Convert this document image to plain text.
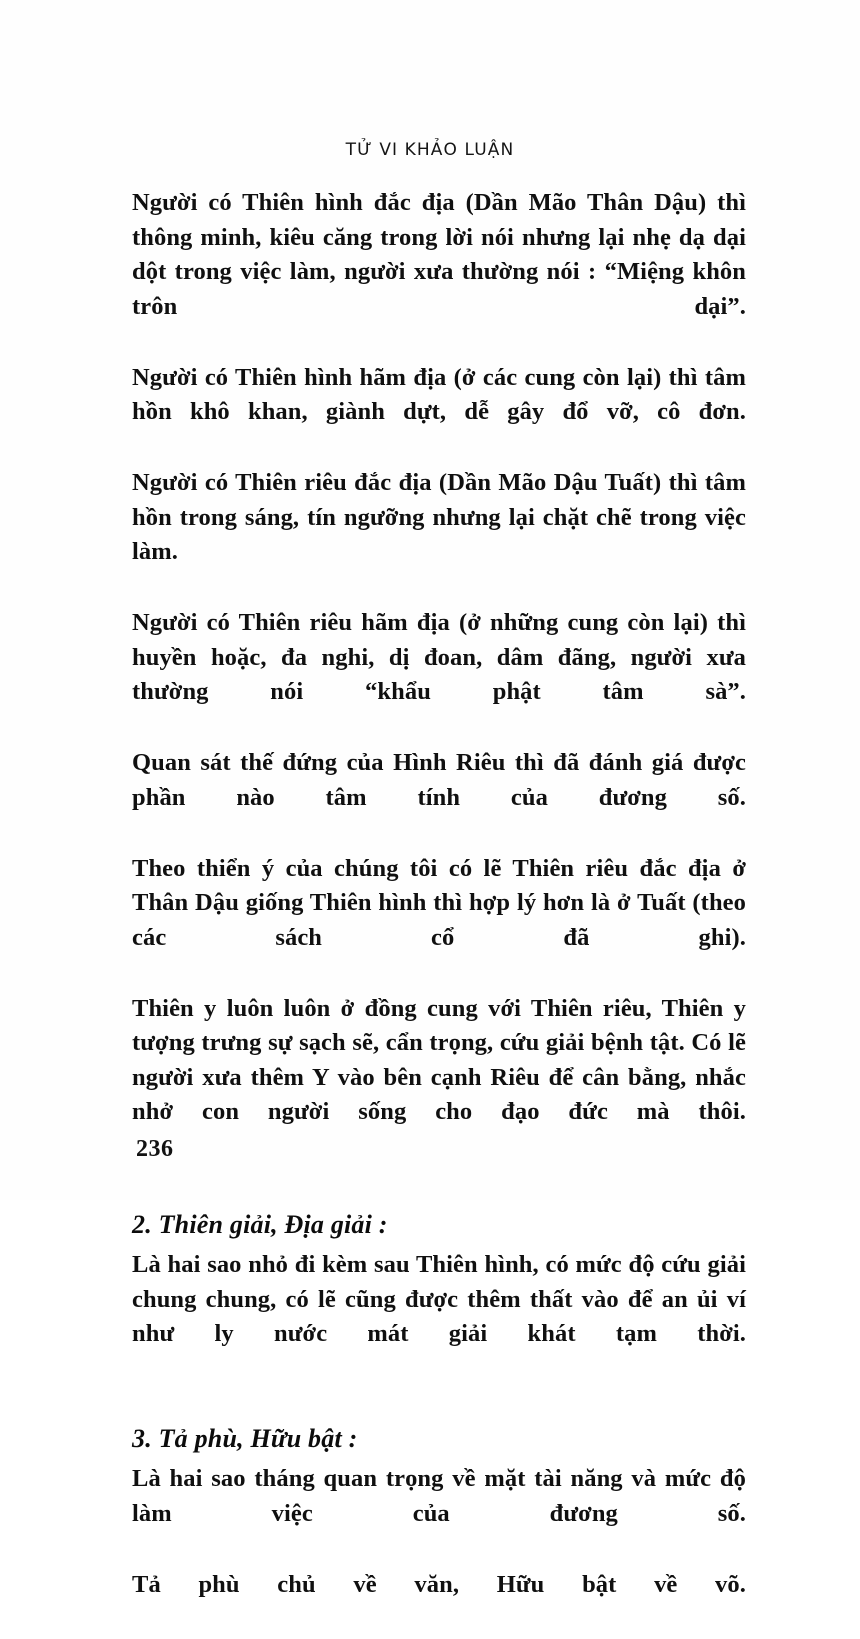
TỬ VI KHẢO LUẬN

Người có Thiên hình đắc địa (Dần Mão Thân Dậu) thì thông minh, kiêu căng trong lời nói nhưng lại nhẹ dạ dại dột trong việc làm, người xưa thường nói : “Miệng khôn trôn dại”.

Người có Thiên hình hãm địa (ở các cung còn lại) thì tâm hồn khô khan, giành dựt, dễ gây đổ vỡ, cô đơn.

Người có Thiên riêu đắc địa (Dần Mão Dậu Tuất) thì tâm hồn trong sáng, tín ngưỡng nhưng lại chặt chẽ trong việc làm.

Người có Thiên riêu hãm địa (ở những cung còn lại) thì huyền hoặc, đa nghi, dị đoan, dâm đãng, người xưa thường nói “khẩu phật tâm sà”.

Quan sát thế đứng của Hình Riêu thì đã đánh giá được phần nào tâm tính của đương số.

Theo thiển ý của chúng tôi có lẽ Thiên riêu đắc địa ở Thân Dậu giống Thiên hình thì hợp lý hơn là ở Tuất (theo các sách cổ đã ghi).

Thiên y luôn luôn ở đồng cung với Thiên riêu, Thiên y tượng trưng sự sạch sẽ, cẩn trọng, cứu giải bệnh tật. Có lẽ người xưa thêm Y vào bên cạnh Riêu để cân bằng, nhắc nhở con người sống cho đạo đức mà thôi.

2. Thiên giải, Địa giải :

Là hai sao nhỏ đi kèm sau Thiên hình, có mức độ cứu giải chung chung, có lẽ cũng được thêm thất vào để an ủi ví như ly nước mát giải khát tạm thời.

3. Tả phù, Hữu bật :

Là hai sao tháng quan trọng về mặt tài năng và mức độ làm việc của đương số.

Tả phù chủ về văn, Hữu bật về võ.

236
